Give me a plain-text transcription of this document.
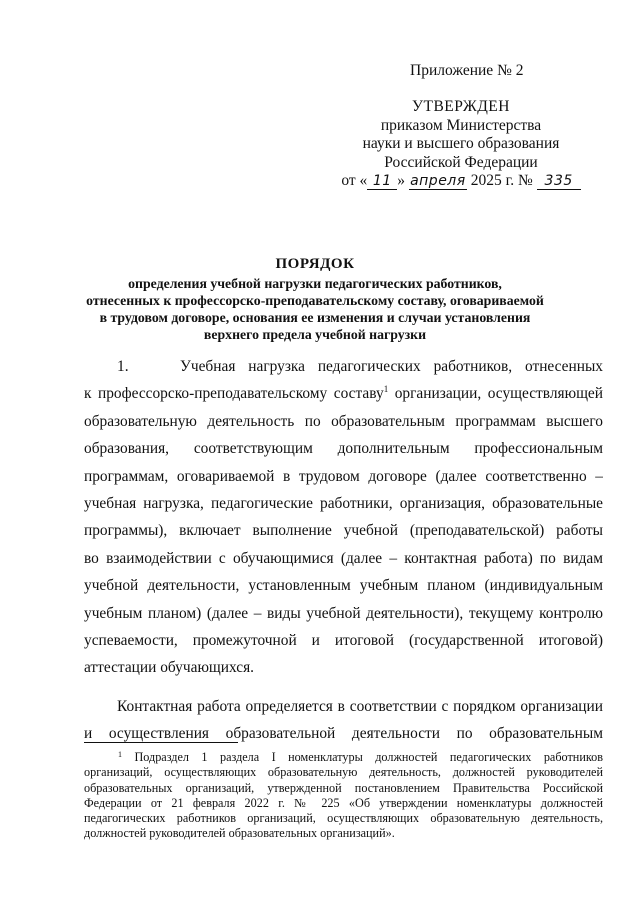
Приложение № 2
УТВЕРЖДЕН
приказом Министерства
науки и высшего образования
Российской Федерации
от « 11 » апреля 2025 г. № 335
ПОРЯДОК
определения учебной нагрузки педагогических работников,
отнесенных к профессорско-преподавательскому составу, оговариваемой
в трудовом договоре, основания ее изменения и случаи установления
верхнего предела учебной нагрузки
1.    Учебная нагрузка педагогических работников, отнесенных
к профессорско-преподавательскому составу$^1$ организации, осуществляющей
образовательную деятельность по образовательным программам высшего
образования, соответствующим дополнительным профессиональным
программам, оговариваемой в трудовом договоре (далее соответственно –
учебная нагрузка, педагогические работники, организация, образовательные
программы), включает выполнение учебной (преподавательской) работы
во взаимодействии с обучающимися (далее – контактная работа) по видам
учебной деятельности, установленным учебным планом (индивидуальным
учебным планом) (далее – виды учебной деятельности), текущему контролю
успеваемости, промежуточной и итоговой (государственной итоговой)
аттестации обучающихся.
Контактная работа определяется в соответствии с порядком организации
и осуществления образовательной деятельности по образовательным
$^1$ Подраздел 1 раздела I номенклатуры должностей педагогических работников
организаций, осуществляющих образовательную деятельность, должностей руководителей
образовательных организаций, утвержденной постановлением Правительства Российской
Федерации от 21 февраля 2022 г. № 225 «Об утверждении номенклатуры должностей
педагогических работников организаций, осуществляющих образовательную деятельность,
должностей руководителей образовательных организаций».
